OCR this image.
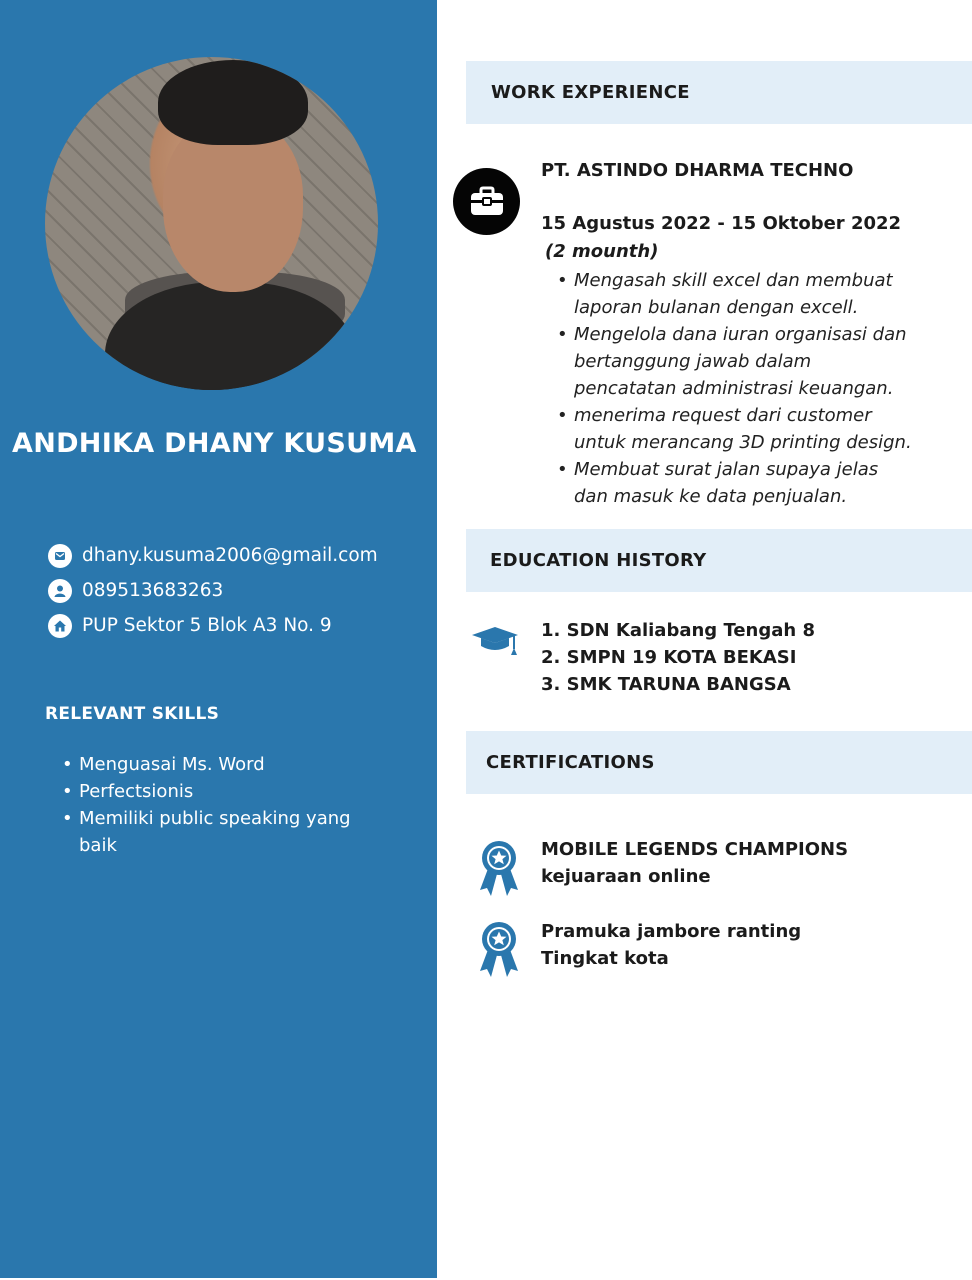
ANDHIKA DHANY KUSUMA
dhany.kusuma2006@gmail.com
089513683263
PUP Sektor 5 Blok A3 No. 9
RELEVANT SKILLS
• Menguasai Ms. Word
• Perfectsionis
• Memiliki public speaking yang baik
WORK EXPERIENCE
PT. ASTINDO DHARMA TECHNO
15 Agustus 2022 - 15 Oktober 2022
(2 mounth)
• Mengasah skill excel dan membuat laporan bulanan dengan excell.
• Mengelola dana iuran organisasi dan bertanggung jawab dalam pencatatan administrasi keuangan.
• menerima request dari customer untuk merancang 3D printing design.
• Membuat surat jalan supaya jelas dan masuk ke data penjualan.
EDUCATION HISTORY
1. SDN Kaliabang Tengah 8
2. SMPN 19 KOTA BEKASI
3. SMK TARUNA BANGSA
CERTIFICATIONS
MOBILE LEGENDS CHAMPIONS
kejuaraan online
Pramuka jambore ranting
Tingkat kota
